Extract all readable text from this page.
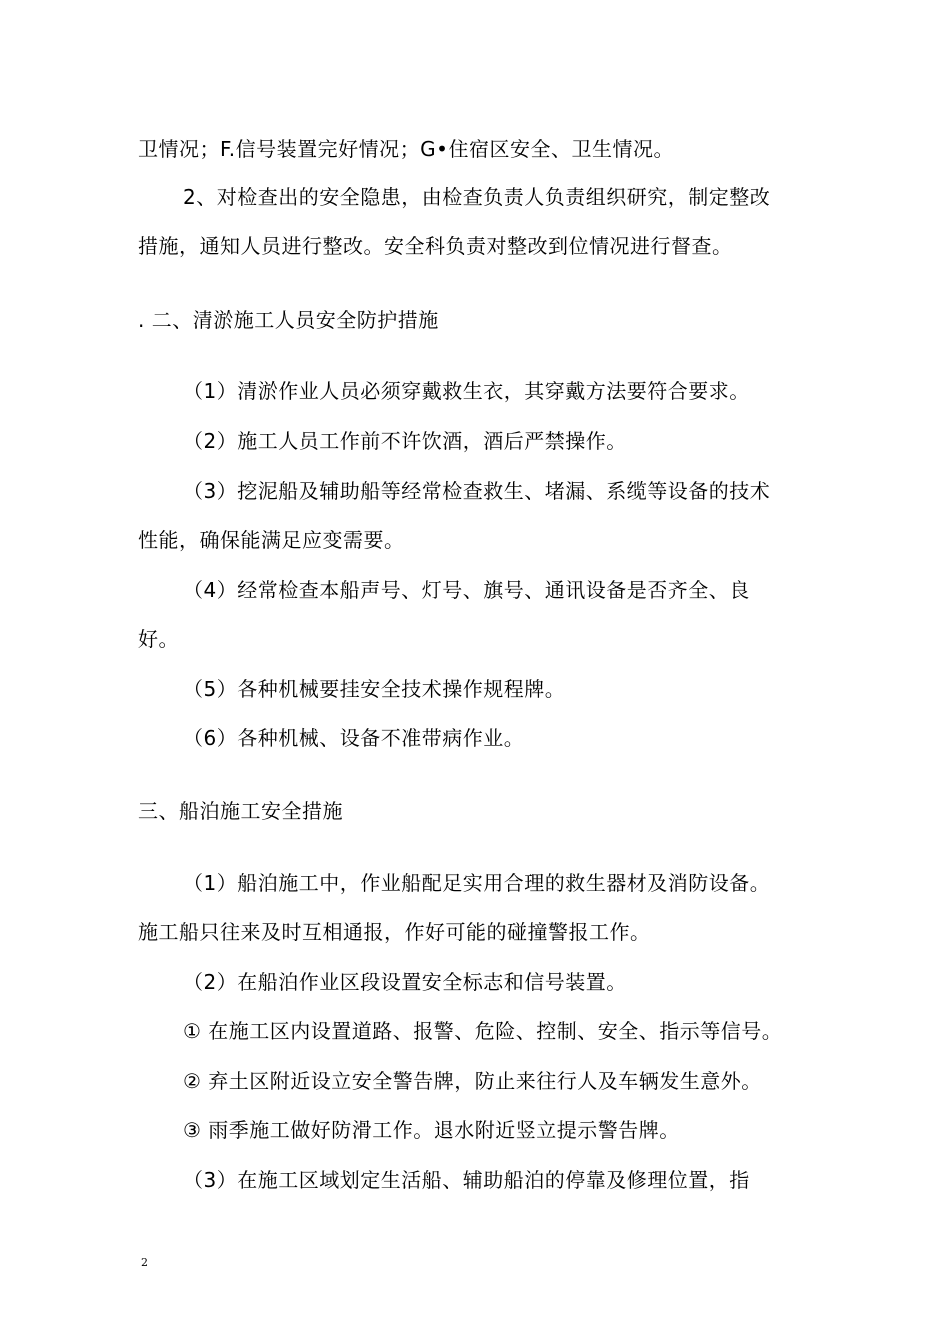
卫情况；F.信号装置完好情况；G•住宿区安全、卫生情况。
2、对检查出的安全隐患，由检查负责人负责组织研究，制定整改
措施，通知人员进行整改。安全科负责对整改到位情况进行督查。
. 二、清淤施工人员安全防护措施
（1）清淤作业人员必须穿戴救生衣，其穿戴方法要符合要求。
（2）施工人员工作前不许饮酒，酒后严禁操作。
（3）挖泥船及辅助船等经常检查救生、堵漏、系缆等设备的技术
性能，确保能满足应变需要。
（4）经常检查本船声号、灯号、旗号、通讯设备是否齐全、良
好。
（5）各种机械要挂安全技术操作规程牌。
（6）各种机械、设备不准带病作业。
三、船泊施工安全措施
（1）船泊施工中，作业船配足实用合理的救生器材及消防设备。
施工船只往来及时互相通报，作好可能的碰撞警报工作。
（2）在船泊作业区段设置安全标志和信号装置。
① 在施工区内设置道路、报警、危险、控制、安全、指示等信号。
② 弃土区附近设立安全警告牌，防止来往行人及车辆发生意外。
③ 雨季施工做好防滑工作。退水附近竖立提示警告牌。
（3）在施工区域划定生活船、辅助船泊的停靠及修理位置，指
2
